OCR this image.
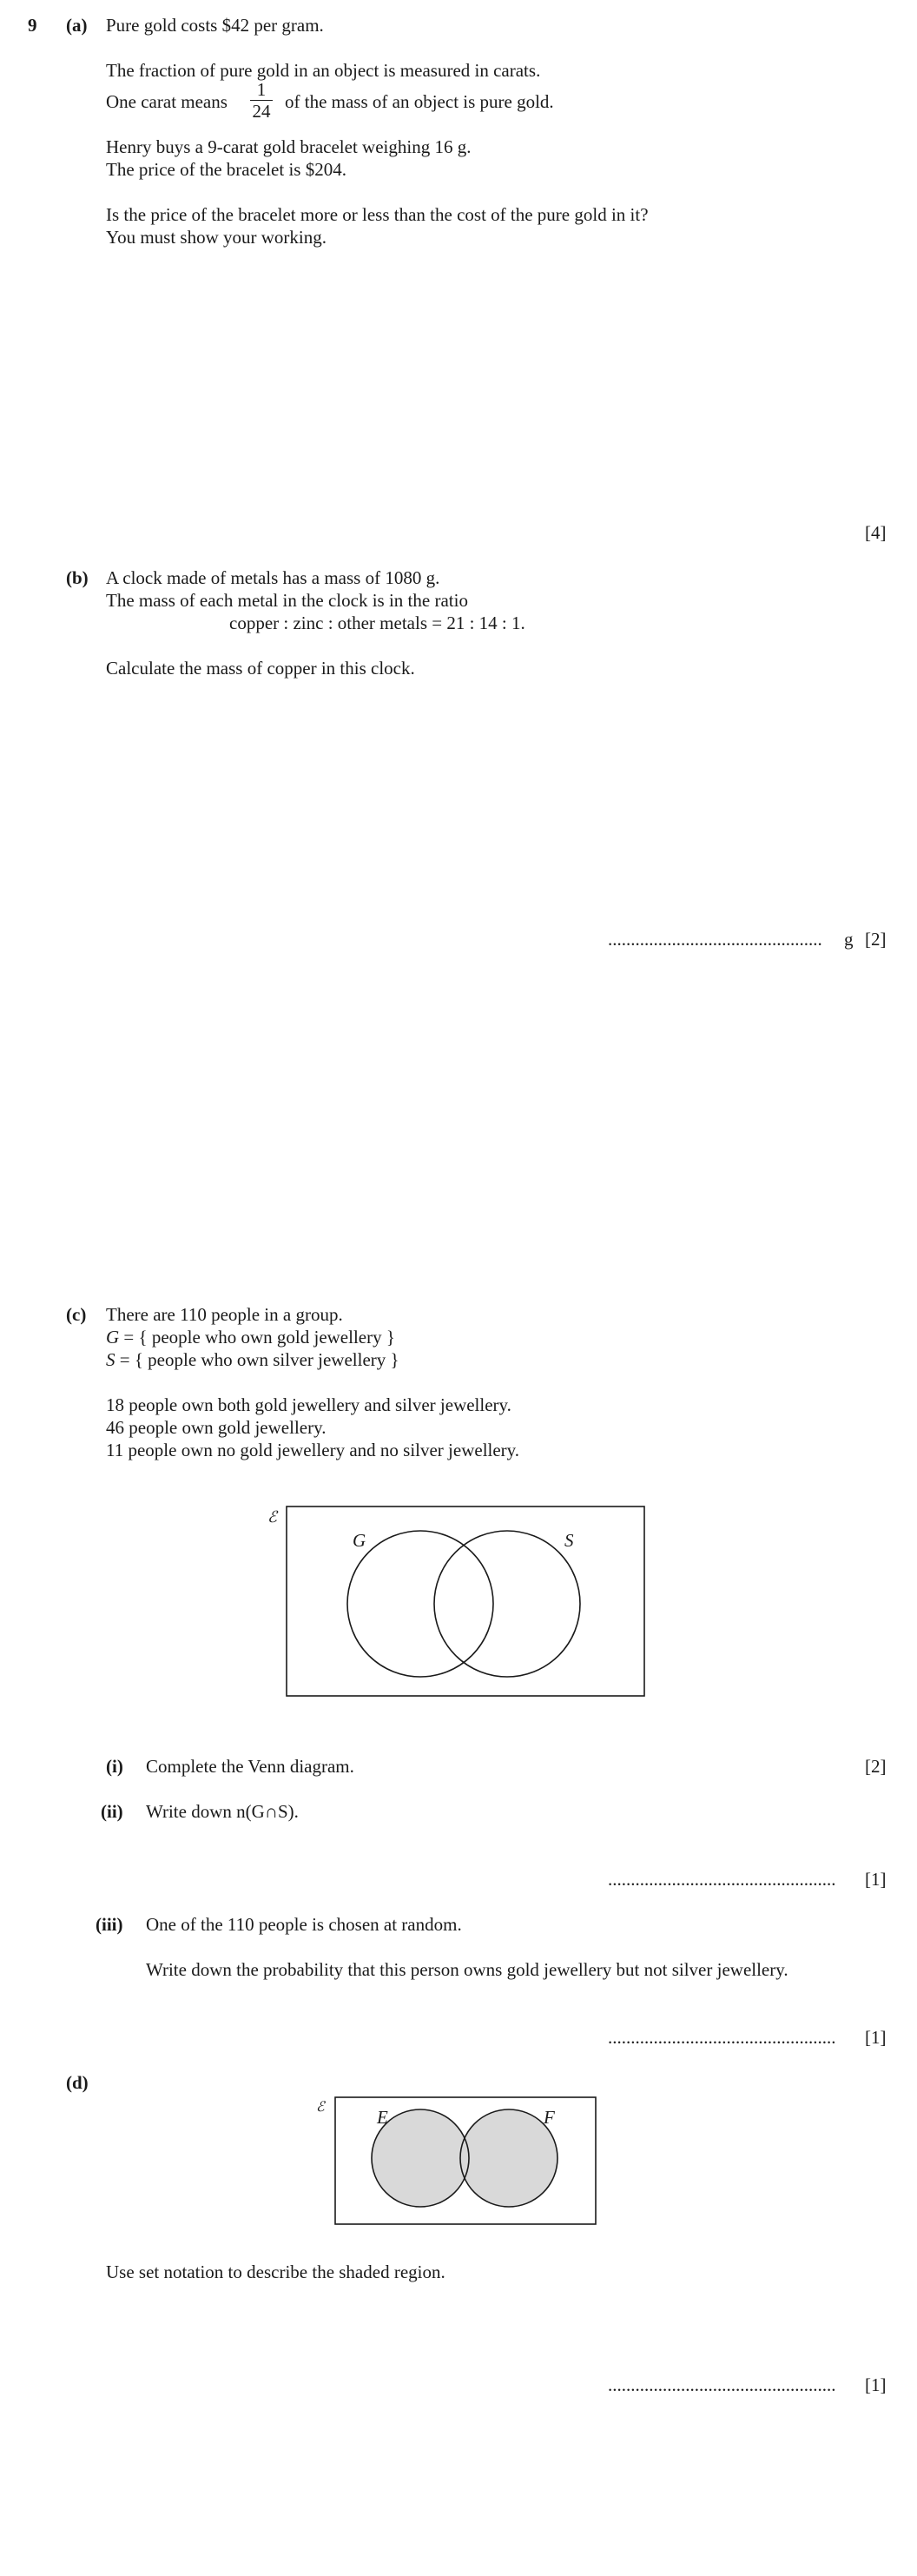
9 (a) Pure gold costs $42 per gram.
The fraction of pure gold in an object is measured in carats.
One carat means
1
24 of the mass of an object is pure gold.
Henry buys a 9-carat gold bracelet weighing 16 g.
The price of the bracelet is $204.
Is the price of the bracelet more or less than the cost of the pure gold in it?
You must show your working.
[4]
(b) A clock made of metals has a mass of 1080 g.
The mass of each metal in the clock is in the ratio
copper : zinc : other metals = 21 : 14 : 1.
Calculate the mass of copper in this clock.
............................................... g [2]
(c) There are 110 people in a group.
G = { people who own gold jewellery }
S = { people who own silver jewellery }
18 people own both gold jewellery and silver jewellery.
46 people own gold jewellery.
11 people own no gold jewellery and no silver jewellery.
ℰ
G	S
(i) Complete the Venn diagram.	[2]
(ii) Write down n(G∩S).
.................................................. [1]
(iii) One of the 110 people is chosen at random.
Write down the probability that this person owns gold jewellery but not silver jewellery.
.................................................. [1]
(d)
ℰ
E	F
Use set notation to describe the shaded region.
.................................................. [1]
